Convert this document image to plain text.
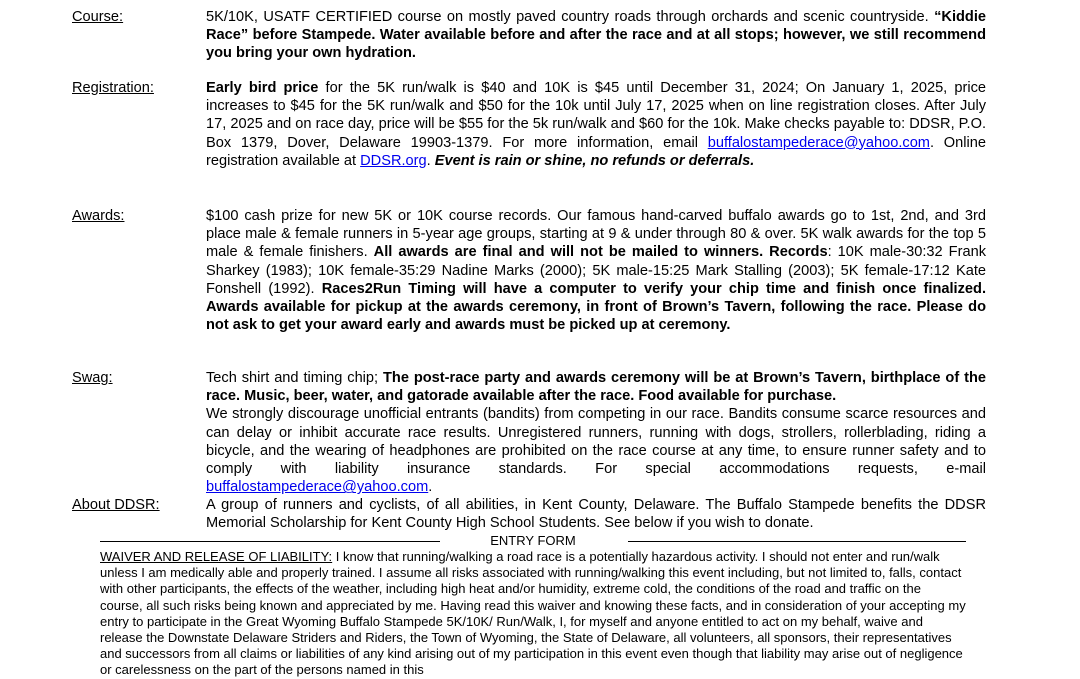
Course:	5K/10K, USATF CERTIFIED course on mostly paved country roads through orchards and scenic countryside. “Kiddie Race” before Stampede. Water available before and after the race and at all stops; however, we still recommend you bring your own hydration.
Registration:	Early bird price for the 5K run/walk is $40 and 10K is $45 until December 31, 2024; On January 1, 2025, price increases to $45 for the 5K run/walk and $50 for the 10k until July 17, 2025 when on line registration closes. After July 17, 2025 and on race day, price will be $55 for the 5k run/walk and $60 for the 10k. Make checks payable to: DDSR, P.O. Box 1379, Dover, Delaware 19903-1379. For more information, email buffalostampederace@yahoo.com. Online registration available at DDSR.org. Event is rain or shine, no refunds or deferrals.
Awards:	$100 cash prize for new 5K or 10K course records. Our famous hand-carved buffalo awards go to 1st, 2nd, and 3rd place male & female runners in 5-year age groups, starting at 9 & under through 80 & over. 5K walk awards for the top 5 male & female finishers. All awards are final and will not be mailed to winners. Records: 10K male-30:32 Frank Sharkey (1983); 10K female-35:29 Nadine Marks (2000); 5K male-15:25 Mark Stalling (2003); 5K female-17:12 Kate Fonshell (1992). Races2Run Timing will have a computer to verify your chip time and finish once finalized. Awards available for pickup at the awards ceremony, in front of Brown’s Tavern, following the race. Please do not ask to get your award early and awards must be picked up at ceremony.
Swag:	Tech shirt and timing chip; The post-race party and awards ceremony will be at Brown’s Tavern, birthplace of the race. Music, beer, water, and gatorade available after the race. Food available for purchase.
We strongly discourage unofficial entrants (bandits) from competing in our race. Bandits consume scarce resources and can delay or inhibit accurate race results. Unregistered runners, running with dogs, strollers, rollerblading, riding a bicycle, and the wearing of headphones are prohibited on the race course at any time, to ensure runner safety and to comply with liability insurance standards. For special accommodations requests, e-mail buffalostampederace@yahoo.com.
About DDSR:	A group of runners and cyclists, of all abilities, in Kent County, Delaware. The Buffalo Stampede benefits the DDSR Memorial Scholarship for Kent County High School Students. See below if you wish to donate.
ENTRY FORM
WAIVER AND RELEASE OF LIABILITY: I know that running/walking a road race is a potentially hazardous activity. I should not enter and run/walk unless I am medically able and properly trained. I assume all risks associated with running/walking this event including, but not limited to, falls, contact with other participants, the effects of the weather, including high heat and/or humidity, extreme cold, the conditions of the road and traffic on the course, all such risks being known and appreciated by me. Having read this waiver and knowing these facts, and in consideration of your accepting my entry to participate in the Great Wyoming Buffalo Stampede 5K/10K/ Run/Walk, I, for myself and anyone entitled to act on my behalf, waive and release the Downstate Delaware Striders and Riders, the Town of Wyoming, the State of Delaware, all volunteers, all sponsors, their representatives and successors from all claims or liabilities of any kind arising out of my participation in this event even though that liability may arise out of negligence or carelessness on the part of the persons named in this
